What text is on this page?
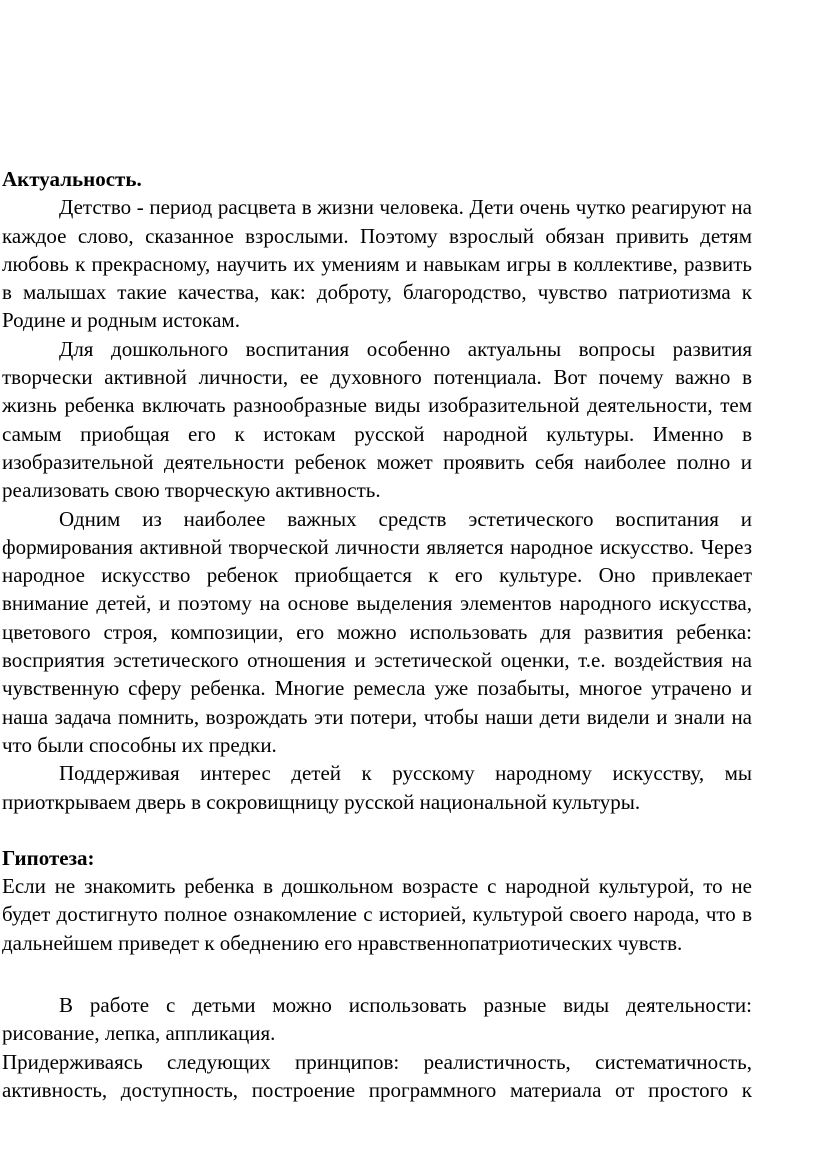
Актуальность.

Детство - период расцвета в жизни человека. Дети очень чутко реагируют на каждое слово, сказанное взрослыми. Поэтому взрослый обязан привить детям любовь к прекрасному, научить их умениям и навыкам игры в коллективе, развить в малышах такие качества, как: доброту, благородство, чувство патриотизма к Родине и родным истокам.

Для дошкольного воспитания особенно актуальны вопросы развития творчески активной личности, ее духовного потенциала. Вот почему важно в жизнь ребенка включать разнообразные виды изобразительной деятельности, тем самым приобщая его к истокам русской народной культуры. Именно в изобразительной деятельности ребенок может проявить себя наиболее полно и реализовать свою творческую активность.

Одним из наиболее важных средств эстетического воспитания и формирования активной творческой личности является народное искусство. Через народное искусство ребенок приобщается к его культуре. Оно привлекает внимание детей, и поэтому на основе выделения элементов народного искусства, цветового строя, композиции, его можно использовать для развития ребенка: восприятия эстетического отношения и эстетической оценки, т.е. воздействия на чувственную сферу ребенка. Многие ремесла уже позабыты, многое утрачено и наша задача помнить, возрождать эти потери, чтобы наши дети видели и знали на что были способны их предки.

Поддерживая интерес детей к русскому народному искусству, мы приоткрываем дверь в сокровищницу русской национальной культуры.

Гипотеза:

Если не знакомить ребенка в дошкольном возрасте с народной культурой, то не будет достигнуто полное ознакомление с историей, культурой своего народа, что в дальнейшем приведет к обеднению его нравственнопатриотических чувств.

В работе с детьми можно использовать разные виды деятельности: рисование, лепка, аппликация.

Придерживаясь следующих принципов: реалистичность, систематичность, активность, доступность, построение программного материала от простого к
